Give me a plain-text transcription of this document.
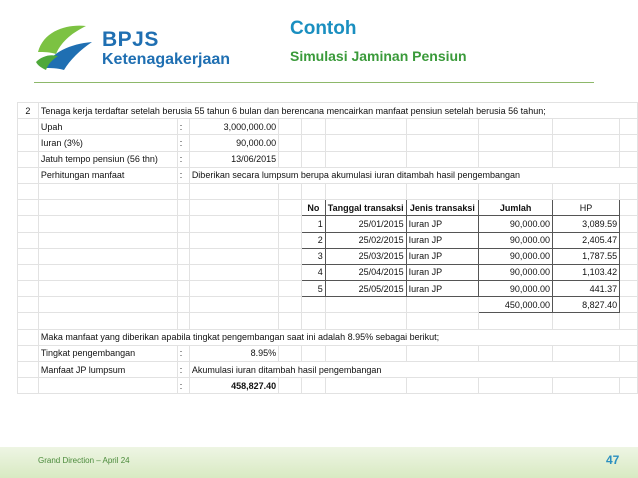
BPJS
Ketenagakerjaan
Contoh
Simulasi Jaminan Pensiun
2	Tenaga kerja terdaftar setelah berusia 55 tahun 6 bulan dan berencana mencairkan manfaat pensiun setelah berusia 56 tahun;									
	Upah	:	3,000,000.00							
	Iuran (3%)	:	90,000.00							
	Jatuh tempo pensiun (56 thn)	:	13/06/2015							
	Perhitungan manfaat	:	Diberikan secara lumpsum berupa akumulasi iuran ditambah hasil pengembangan							

					No	Tanggal transaksi	Jenis transaksi	Jumlah	HP	
					1	25/01/2015	Iuran JP	90,000.00	3,089.59	
					2	25/02/2015	Iuran JP	90,000.00	2,405.47	
					3	25/03/2015	Iuran JP	90,000.00	1,787.55	
					4	25/04/2015	Iuran JP	90,000.00	1,103.42	
					5	25/05/2015	Iuran JP	90,000.00	441.37	
								450,000.00	8,827.40	

	Maka manfaat yang diberikan apabila tingkat pengembangan saat ini adalah 8.95% sebagai berikut;									
	Tingkat pengembangan	:	8.95%							
	Manfaat JP lumpsum	:	Akumulasi iuran ditambah hasil pengembangan							
		:	458,827.40							
Grand Direction – April 24	47
